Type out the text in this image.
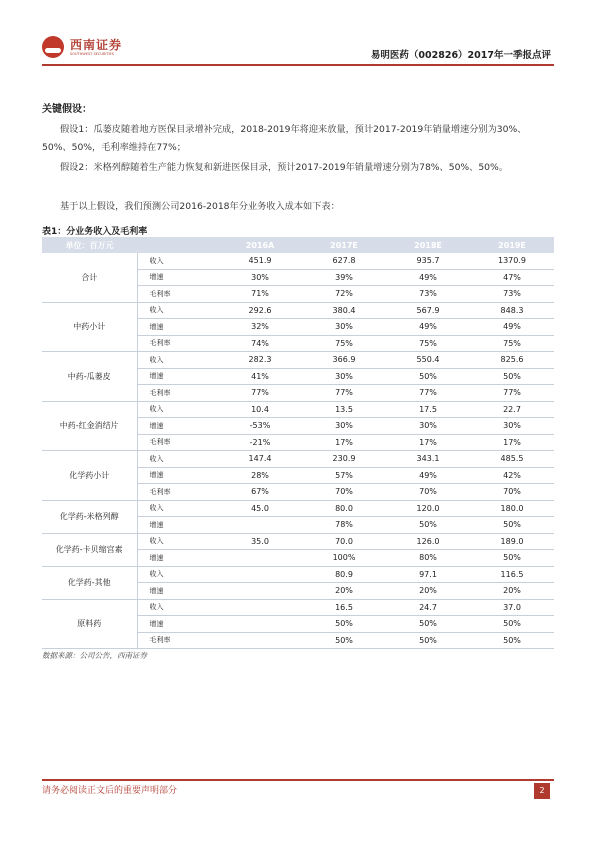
西南证券
SOUTHWEST SECURITIES	易明医药（002826）2017年一季报点评
关键假设：

假设1：瓜蒌皮随着地方医保目录增补完成，2018-2019年将迎来放量，预计2017-2019年销量增速分别为30%、50%、50%，毛利率维持在77%；

假设2：米格列醇随着生产能力恢复和新进医保目录，预计2017-2019年销量增速分别为78%、50%、50%。

基于以上假设，我们预测公司2016-2018年分业务收入成本如下表：

表1：分业务收入及毛利率
单位：百万元		2016A	2017E	2018E	2019E
合计	收入	451.9	627.8	935.7	1370.9
	增速	30%	39%	49%	47%
	毛利率	71%	72%	73%	73%
中药小计	收入	292.6	380.4	567.9	848.3
	增速	32%	30%	49%	49%
	毛利率	74%	75%	75%	75%
中药-瓜蒌皮	收入	282.3	366.9	550.4	825.6
	增速	41%	30%	50%	50%
	毛利率	77%	77%	77%	77%
中药-红金消结片	收入	10.4	13.5	17.5	22.7
	增速	-53%	30%	30%	30%
	毛利率	-21%	17%	17%	17%
化学药小计	收入	147.4	230.9	343.1	485.5
	增速	28%	57%	49%	42%
	毛利率	67%	70%	70%	70%
化学药-米格列醇	收入	45.0	80.0	120.0	180.0
	增速		78%	50%	50%
化学药-卡贝缩宫素	收入	35.0	70.0	126.0	189.0
	增速		100%	80%	50%
化学药-其他	收入		80.9	97.1	116.5
	增速		20%	20%	20%
原料药	收入		16.5	24.7	37.0
	增速		50%	50%	50%
	毛利率		50%	50%	50%
数据来源：公司公告，西南证券
请务必阅读正文后的重要声明部分	2
